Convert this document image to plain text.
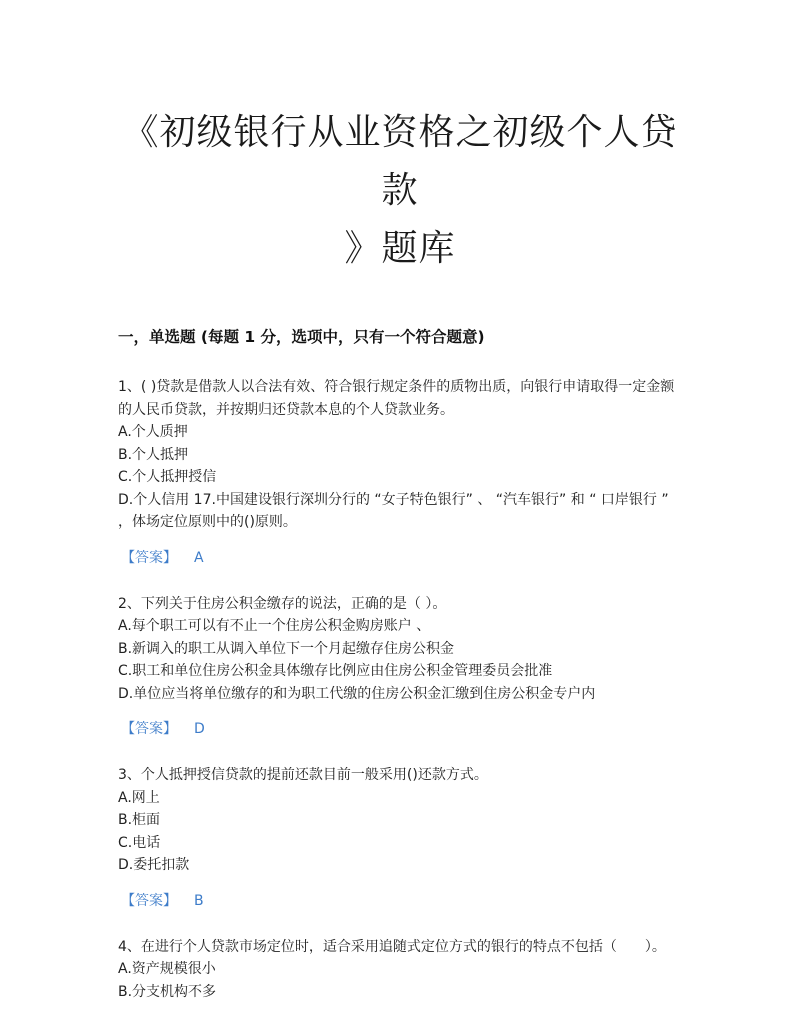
《初级银行从业资格之初级个人贷款
》题库
一，单选题 (每题 1 分，选项中，只有一个符合题意)

1、( )贷款是借款人以合法有效、符合银行规定条件的质物出质，向银行申请取得一定金额的人民币贷款，并按期归还贷款本息的个人贷款业务。

A.个人质押

B.个人抵押

C.个人抵押授信

D.个人信用 17.中国建设银行深圳分行的 “女子特色银行” 、 “汽车银行” 和 “ 口岸银行 ” ，体场定位原则中的()原则。

【答案】 A

2、下列关于住房公积金缴存的说法，正确的是（ ）。

A.每个职工可以有不止一个住房公积金购房账户 、

B.新调入的职工从调入单位下一个月起缴存住房公积金

C.职工和单位住房公积金具体缴存比例应由住房公积金管理委员会批准

D.单位应当将单位缴存的和为职工代缴的住房公积金汇缴到住房公积金专户内

【答案】 D

3、个人抵押授信贷款的提前还款目前一般采用()还款方式。

A.网上

B.柜面

C.电话

D.委托扣款

【答案】 B

4、在进行个人贷款市场定位时，适合采用追随式定位方式的银行的特点不包括（　　）。

A.资产规模很小

B.分支机构不多
